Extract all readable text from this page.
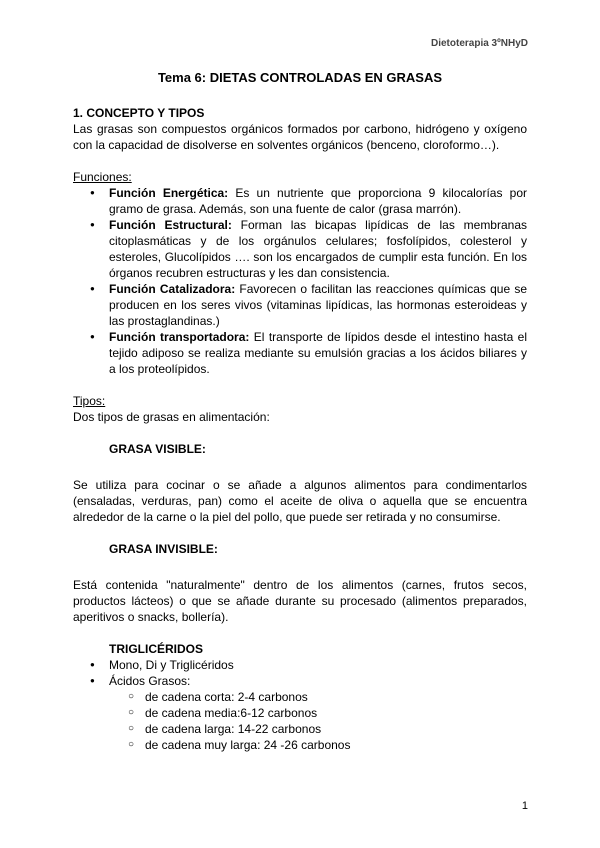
Dietoterapia 3ºNHyD

Tema 6: DIETAS CONTROLADAS EN GRASAS

1. CONCEPTO Y TIPOS

Las grasas son compuestos orgánicos formados por carbono, hidrógeno y oxígeno con la capacidad de disolverse en solventes orgánicos (benceno, cloroformo…).

Funciones:

● Función Energética: Es un nutriente que proporciona 9 kilocalorías por gramo de grasa. Además, son una fuente de calor (grasa marrón).
● Función Estructural: Forman las bicapas lipídicas de las membranas citoplasmáticas y de los orgánulos celulares; fosfolípidos, colesterol y esteroles, Glucolípidos …. son los encargados de cumplir esta función. En los órganos recubren estructuras y les dan consistencia.
● Función Catalizadora: Favorecen o facilitan las reacciones químicas que se producen en los seres vivos (vitaminas lipídicas, las hormonas esteroideas y las prostaglandinas.)
● Función transportadora: El transporte de lípidos desde el intestino hasta el tejido adiposo se realiza mediante su emulsión gracias a los ácidos biliares y a los proteolípidos.

Tipos:

Dos tipos de grasas en alimentación:

GRASA VISIBLE:

Se utiliza para cocinar o se añade a algunos alimentos para condimentarlos (ensaladas, verduras, pan) como el aceite de oliva o aquella que se encuentra alrededor de la carne o la piel del pollo, que puede ser retirada y no consumirse.

GRASA INVISIBLE:

Está contenida "naturalmente" dentro de los alimentos (carnes, frutos secos, productos lácteos) o que se añade durante su procesado (alimentos preparados, aperitivos o snacks, bollería).

TRIGLICÉRIDOS

● Mono, Di y Triglicéridos
● Ácidos Grasos:
○ de cadena corta: 2-4 carbonos
○ de cadena media:6-12 carbonos
○ de cadena larga: 14-22 carbonos
○ de cadena muy larga: 24 -26 carbonos
1
